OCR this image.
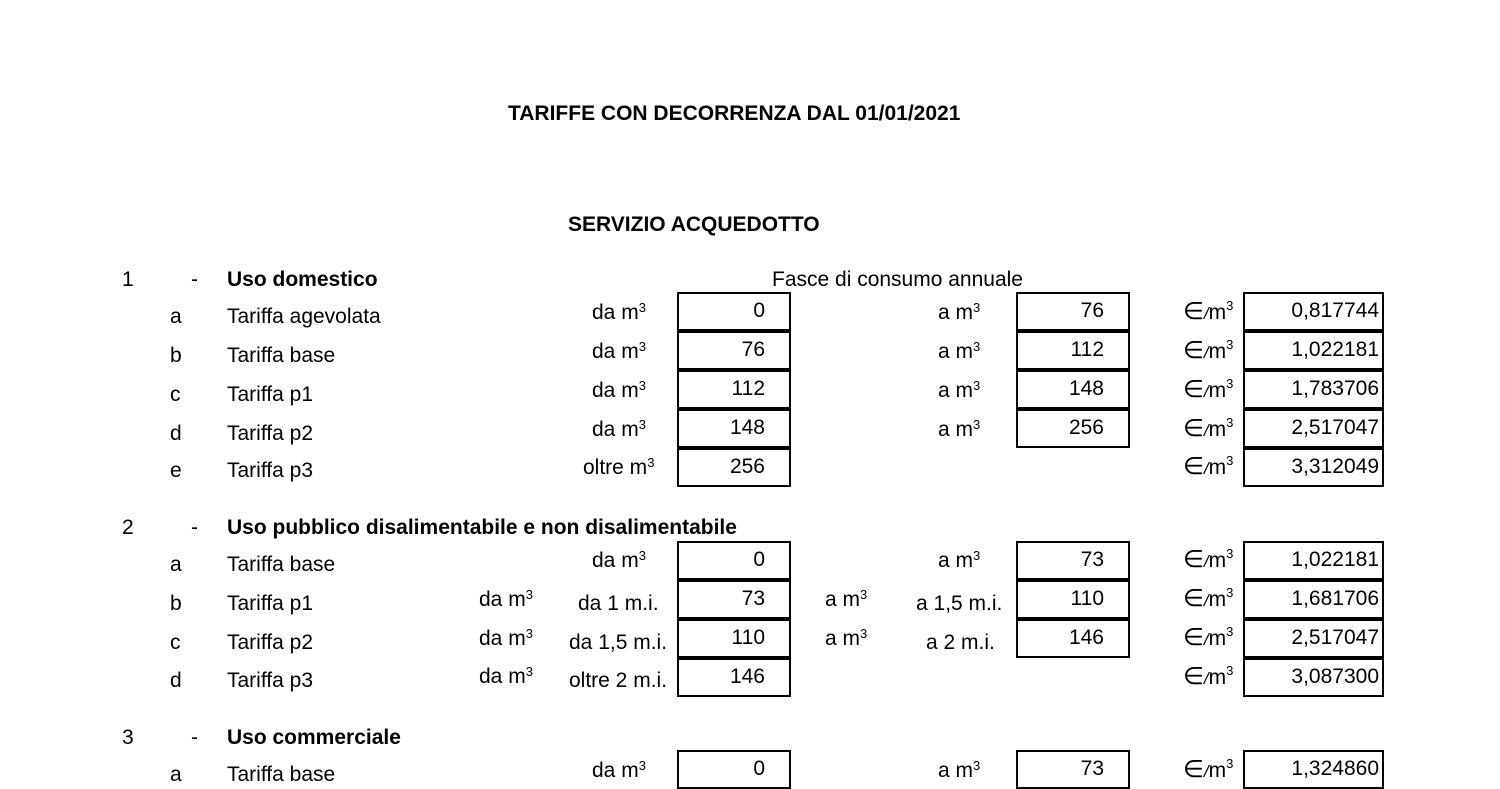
TARIFFE CON DECORRENZA DAL 01/01/2021
SERVIZIO ACQUEDOTTO
1	- Uso domestico	Fasce di consumo annuale
a Tariffa agevolata	da $m^3$	0	a $m^3$	76	$\in/m^3$	0,817744
b Tariffa base	da $m^3$	76	a $m^3$	112	$\in/m^3$	1,022181
c Tariffa p1	da $m^3$	112	a $m^3$	148	$\in/m^3$	1,783706
d Tariffa p2	da $m^3$	148	a $m^3$	256	$\in/m^3$	2,517047
e Tariffa p3	oltre $m^3$	256	$\in/m^3$	3,312049
2	- Uso pubblico disalimentabile e non disalimentabile
a Tariffa base	da $m^3$	0	a $m^3$	73	$\in/m^3$	1,022181
b Tariffa p1	da $m^3$ da 1 m.i.	73	a $m^3$ a 1,5 m.i.	110	$\in/m^3$	1,681706
c Tariffa p2	da $m^3$ da 1,5 m.i.	110	a $m^3$	a 2 m.i.	146	$\in/m^3$	2,517047
d Tariffa p3	da $m^3$ oltre 2 m.i.	146	$\in/m^3$	3,087300
3	- Uso commerciale
a Tariffa base	da $m^3$	0	a $m^3$	73	$\in/m^3$	1,324860
